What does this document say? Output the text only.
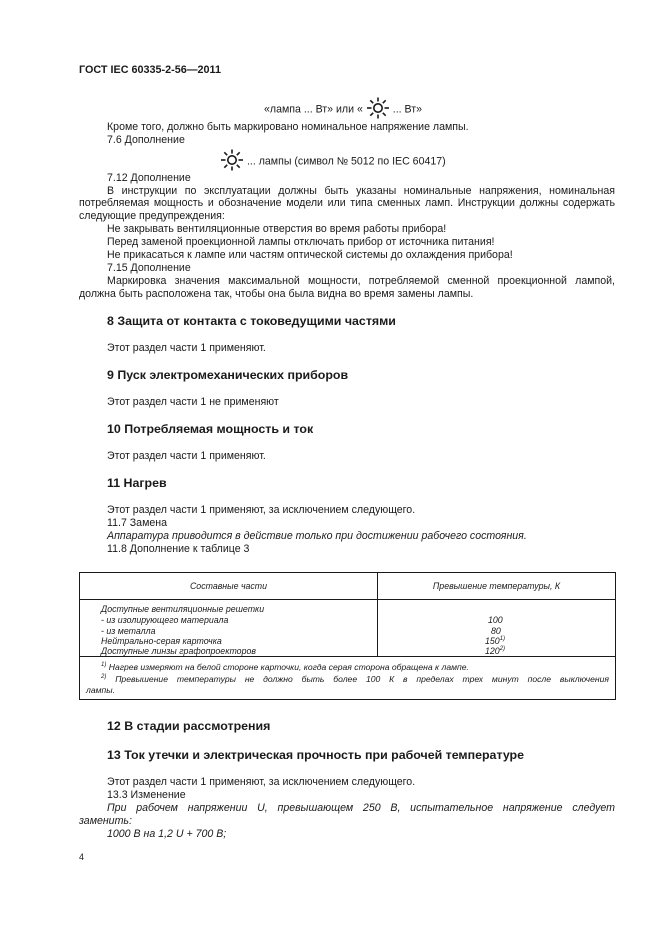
ГОСТ IEC 60335-2-56—2011
«лампа ... Вт» или «	... Вт»
Кроме того, должно быть маркировано номинальное напряжение лампы.
7.6 Дополнение
... лампы (символ № 5012 по IEC 60417)
7.12 Дополнение
В инструкции по эксплуатации должны быть указаны номинальные напряжения, номинальная
потребляемая мощность и обозначение модели или типа сменных ламп. Инструкции должны содержать
следующие предупреждения:
Не закрывать вентиляционные отверстия во время работы прибора!
Перед заменой проекционной лампы отключать прибор от источника питания!
Не прикасаться к лампе или частям оптической системы до охлаждения прибора!
7.15 Дополнение
Маркировка значения максимальной мощности, потребляемой сменной проекционной лампой,
должна быть расположена так, чтобы она была видна во время замены лампы.
8 Защита от контакта с токоведущими частями
Этот раздел части 1 применяют.
9 Пуск электромеханических приборов
Этот раздел части 1 не применяют
10 Потребляемая мощность и ток
Этот раздел части 1 применяют.
11 Нагрев
Этот раздел части 1 применяют, за исключением следующего.
11.7 Замена
Аппаратура приводится в действие только при достижении рабочего состояния.
11.8 Дополнение к таблице 3
Составные части	Превышение температуры, К
Доступные вентиляционные решетки
- из изолирующего материала	100
- из металла	80
Нейтрально-серая карточка	150$^{1)}$
Доступные линзы графопроекторов	120$^{2)}$
$^{1)}$ Нагрев измеряют на белой стороне карточки, когда серая сторона обращена к лампе.
$^{2)}$ Превышение температуры не должно быть более 100 К в пределах трех минут после выключения
лампы.
12 В стадии рассмотрения
13 Ток утечки и электрическая прочность при рабочей температуре
Этот раздел части 1 применяют, за исключением следующего.
13.3 Изменение
При рабочем напряжении U, превышающем 250 В, испытательное напряжение следует
заменить:
1000 В на 1,2 U + 700 В;
4
